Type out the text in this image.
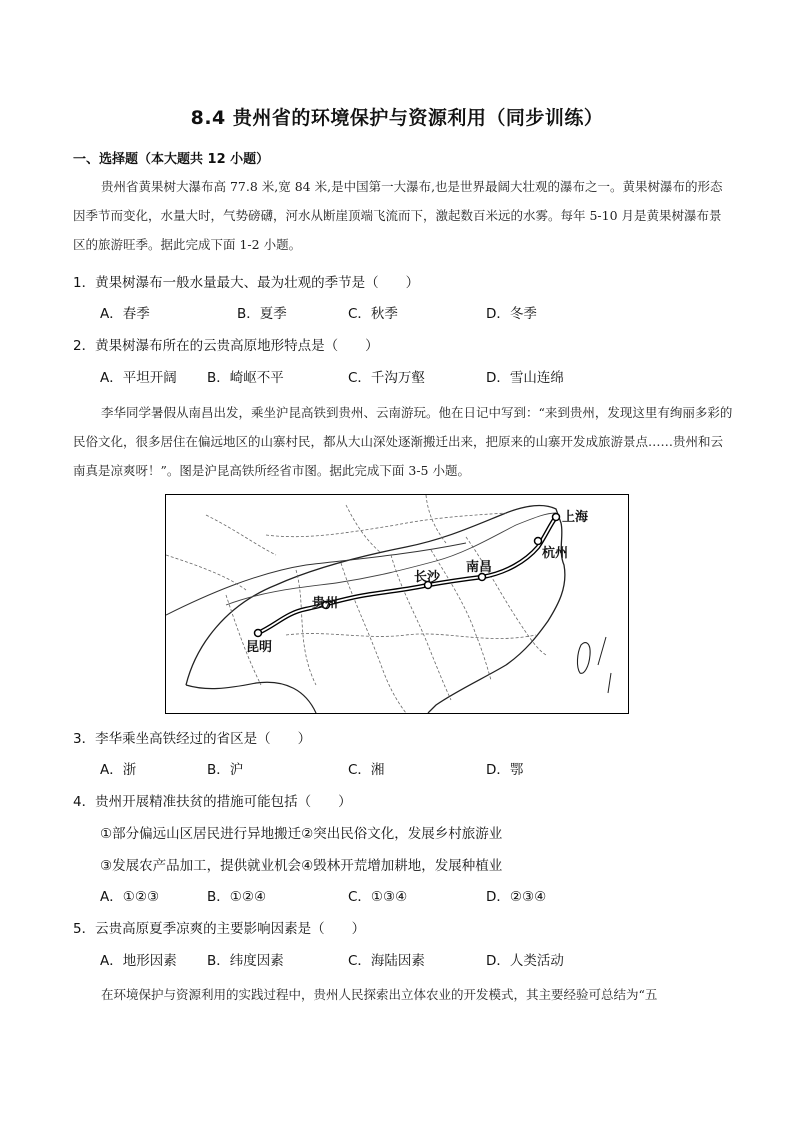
8.4 贵州省的环境保护与资源利用（同步训练）
一、选择题（本大题共 12 小题）
贵州省黄果树大瀑布高 77.8 米,宽 84 米,是中国第一大瀑布,也是世界最阔大壮观的瀑布之一。黄果树瀑布的形态因季节而变化，水量大时，气势磅礴，河水从断崖顶端飞流而下，激起数百米远的水雾。每年 5-10 月是黄果树瀑布景区的旅游旺季。据此完成下面 1-2 小题。
1．黄果树瀑布一般水量最大、最为壮观的季节是（　　）
A．春季	B．夏季	C．秋季	D．冬季
2．黄果树瀑布所在的云贵高原地形特点是（　　）
A．平坦开阔 B．崎岖不平	C．千沟万壑	D．雪山连绵
李华同学暑假从南昌出发，乘坐沪昆高铁到贵州、云南游玩。他在日记中写到：“来到贵州，发现这里有绚丽多彩的民俗文化，很多居住在偏远地区的山寨村民，都从大山深处逐渐搬迁出来，把原来的山寨开发成旅游景点……贵州和云南真是凉爽呀！”。图是沪昆高铁所经省市图。据此完成下面 3-5 小题。
上海
杭州
南昌
长沙
贵州
昆明
3．李华乘坐高铁经过的省区是（　　）
A．浙	B．沪	C．湘	D．鄂
4．贵州开展精准扶贫的措施可能包括（　　）
①部分偏远山区居民进行异地搬迁②突出民俗文化，发展乡村旅游业
③发展农产品加工，提供就业机会④毁林开荒增加耕地，发展种植业
A．①②③	B．①②④	C．①③④	D．②③④
5．云贵高原夏季凉爽的主要影响因素是（　　）
A．地形因素 B．纬度因素	C．海陆因素	D．人类活动
在环境保护与资源利用的实践过程中，贵州人民探索出立体农业的开发模式，其主要经验可总结为“五
